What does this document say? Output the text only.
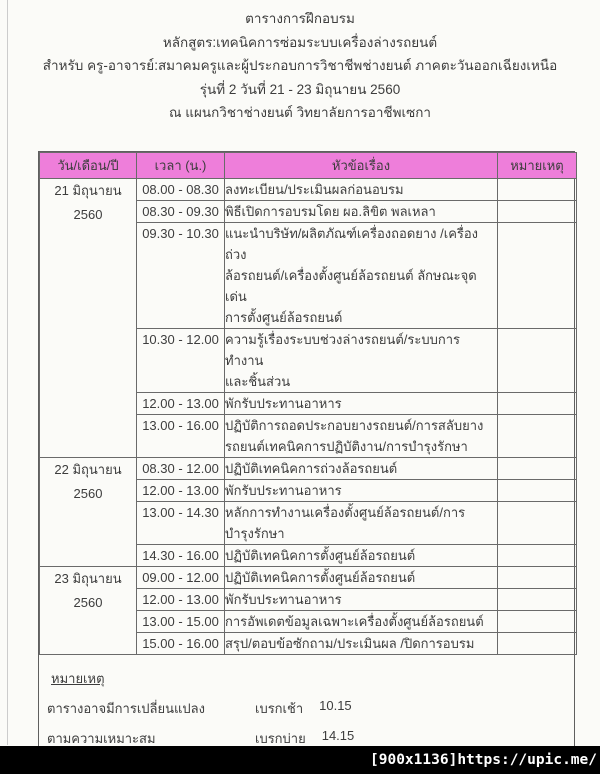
ตารางการฝึกอบรม
หลักสูตร:เทคนิคการซ่อมระบบเครื่องล่างรถยนต์
สำหรับ ครู-อาจารย์:สมาคมครูและผู้ประกอบการวิชาชีพช่างยนต์ ภาคตะวันออกเฉียงเหนือ
รุ่นที่ 2 วันที่ 21 - 23 มิถุนายน 2560
ณ แผนกวิชาช่างยนต์ วิทยาลัยการอาชีพเซกา
วัน/เดือน/ปี	เวลา (น.)	หัวข้อเรื่อง	หมายเหตุ

21 มิถุนายน
2560	08.00 - 08.30	ลงทะเบียน/ประเมินผลก่อนอบรม	

	08.30 - 09.30	พิธีเปิดการอบรมโดย ผอ.ลิขิต พลเหลา	

	09.30 - 10.30	แนะนำบริษัท/ผลิตภัณฑ์เครื่องถอดยาง /เครื่องถ่วง
ล้อรถยนต์/เครื่องตั้งศูนย์ล้อรถยนต์ ลักษณะจุดเด่น
การตั้งศูนย์ล้อรถยนต์	

	10.30 - 12.00	ความรู้เรื่องระบบช่วงล่างรถยนต์/ระบบการทำงาน
และชิ้นส่วน	

	12.00 - 13.00	พักรับประทานอาหาร	

	13.00 - 16.00	ปฏิบัติการถอดประกอบยางรถยนต์/การสลับยาง
รถยนต์เทคนิคการปฏิบัติงาน/การบำรุงรักษา	

22 มิถุนายน
2560	08.30 - 12.00	ปฏิบัติเทคนิคการถ่วงล้อรถยนต์	

	12.00 - 13.00	พักรับประทานอาหาร	

	13.00 - 14.30	หลักการทำงานเครื่องตั้งศูนย์ล้อรถยนต์/การ
บำรุงรักษา	

	14.30 - 16.00	ปฏิบัติเทคนิคการตั้งศูนย์ล้อรถยนต์	

23 มิถุนายน
2560	09.00 - 12.00	ปฏิบัติเทคนิคการตั้งศูนย์ล้อรถยนต์	

	12.00 - 13.00	พักรับประทานอาหาร	

	13.00 - 15.00	การอัพเดตข้อมูลเฉพาะเครื่องตั้งศูนย์ล้อรถยนต์	

	15.00 - 16.00	สรุป/ตอบข้อซักถาม/ประเมินผล /ปิดการอบรม	

หมายเหตุ
ตารางอาจมีการเปลี่ยนแปลง	เบรกเช้า 10.15
ตามความเหมาะสม	เบรกบ่าย 14.15
[900x1136]https://upic.me/
